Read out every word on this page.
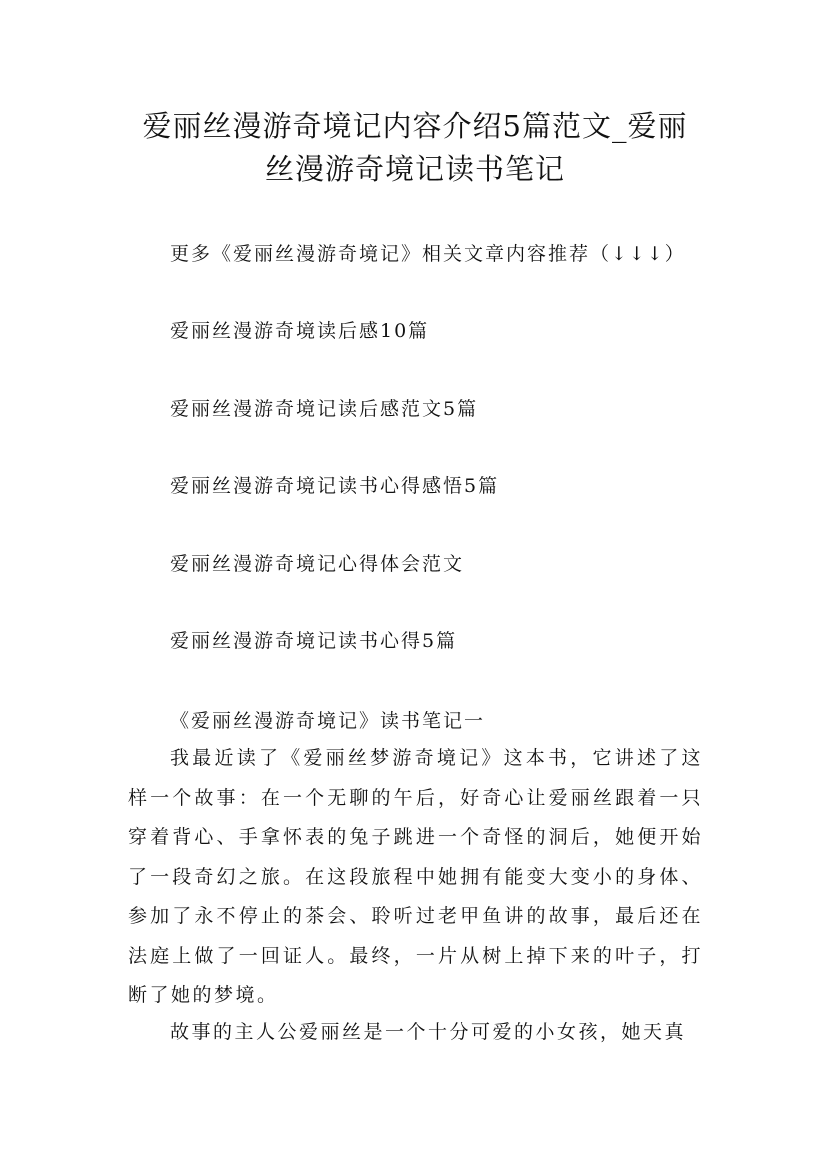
爱丽丝漫游奇境记内容介绍5篇范文_爱丽
丝漫游奇境记读书笔记
更多《爱丽丝漫游奇境记》相关文章内容推荐（↓↓↓）
爱丽丝漫游奇境读后感10篇
爱丽丝漫游奇境记读后感范文5篇
爱丽丝漫游奇境记读书心得感悟5篇
爱丽丝漫游奇境记心得体会范文
爱丽丝漫游奇境记读书心得5篇
《爱丽丝漫游奇境记》读书笔记一
我最近读了《爱丽丝梦游奇境记》这本书，它讲述了这样一个故事：在一个无聊的午后，好奇心让爱丽丝跟着一只穿着背心、手拿怀表的兔子跳进一个奇怪的洞后，她便开始了一段奇幻之旅。在这段旅程中她拥有能变大变小的身体、参加了永不停止的茶会、聆听过老甲鱼讲的故事，最后还在法庭上做了一回证人。最终，一片从树上掉下来的叶子，打断了她的梦境。
故事的主人公爱丽丝是一个十分可爱的小女孩，她天真
